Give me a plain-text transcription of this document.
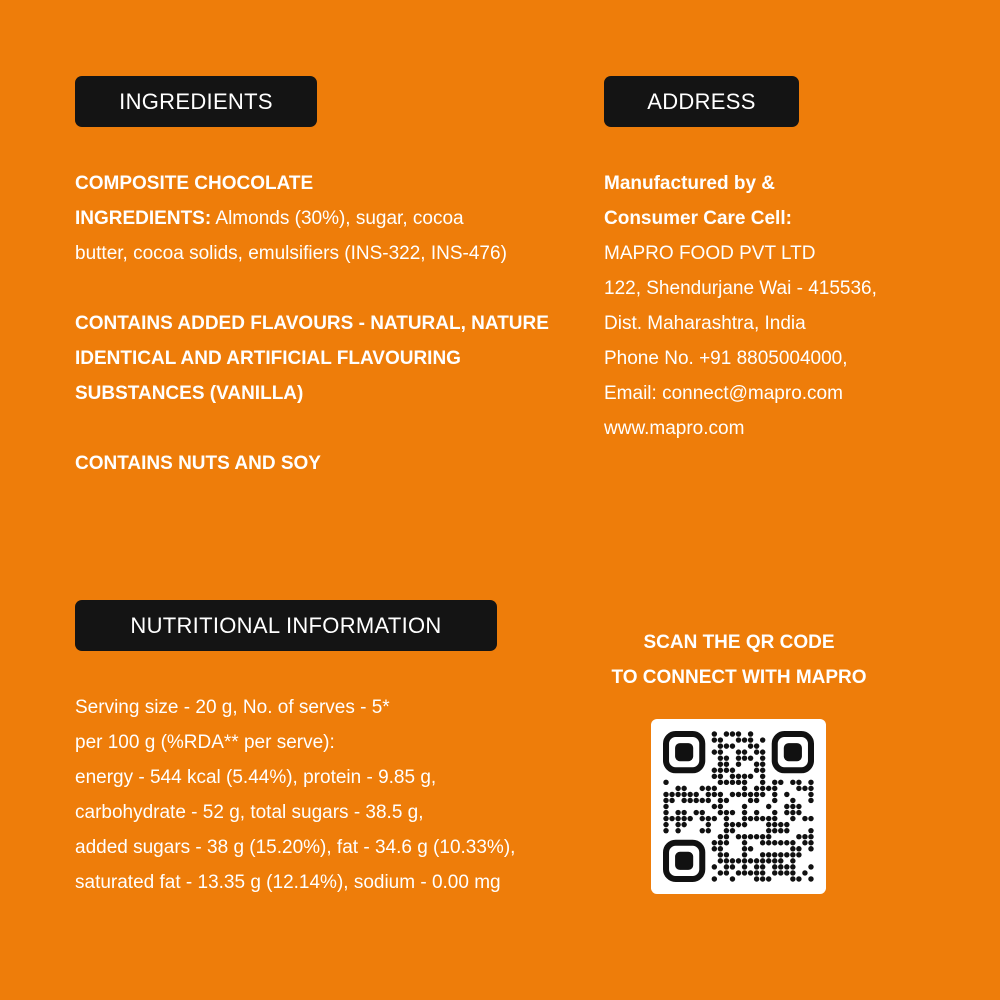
INGREDIENTS
COMPOSITE CHOCOLATE
INGREDIENTS: Almonds (30%), sugar, cocoa
butter, cocoa solids, emulsifiers (INS-322, INS-476)
CONTAINS ADDED FLAVOURS - NATURAL, NATURE
IDENTICAL AND ARTIFICIAL FLAVOURING
SUBSTANCES (VANILLA)
CONTAINS NUTS AND SOY
ADDRESS
Manufactured by &
Consumer Care Cell:
MAPRO FOOD PVT LTD
122, Shendurjane Wai - 415536,
Dist. Maharashtra, India
Phone No. +91 8805004000,
Email: connect@mapro.com
www.mapro.com
NUTRITIONAL INFORMATION
Serving size - 20 g, No. of serves - 5*
per 100 g (%RDA** per serve):
energy - 544 kcal (5.44%), protein - 9.85 g,
carbohydrate - 52 g, total sugars - 38.5 g,
added sugars - 38 g (15.20%), fat - 34.6 g (10.33%),
saturated fat - 13.35 g (12.14%), sodium - 0.00 mg
SCAN THE QR CODE
TO CONNECT WITH MAPRO
